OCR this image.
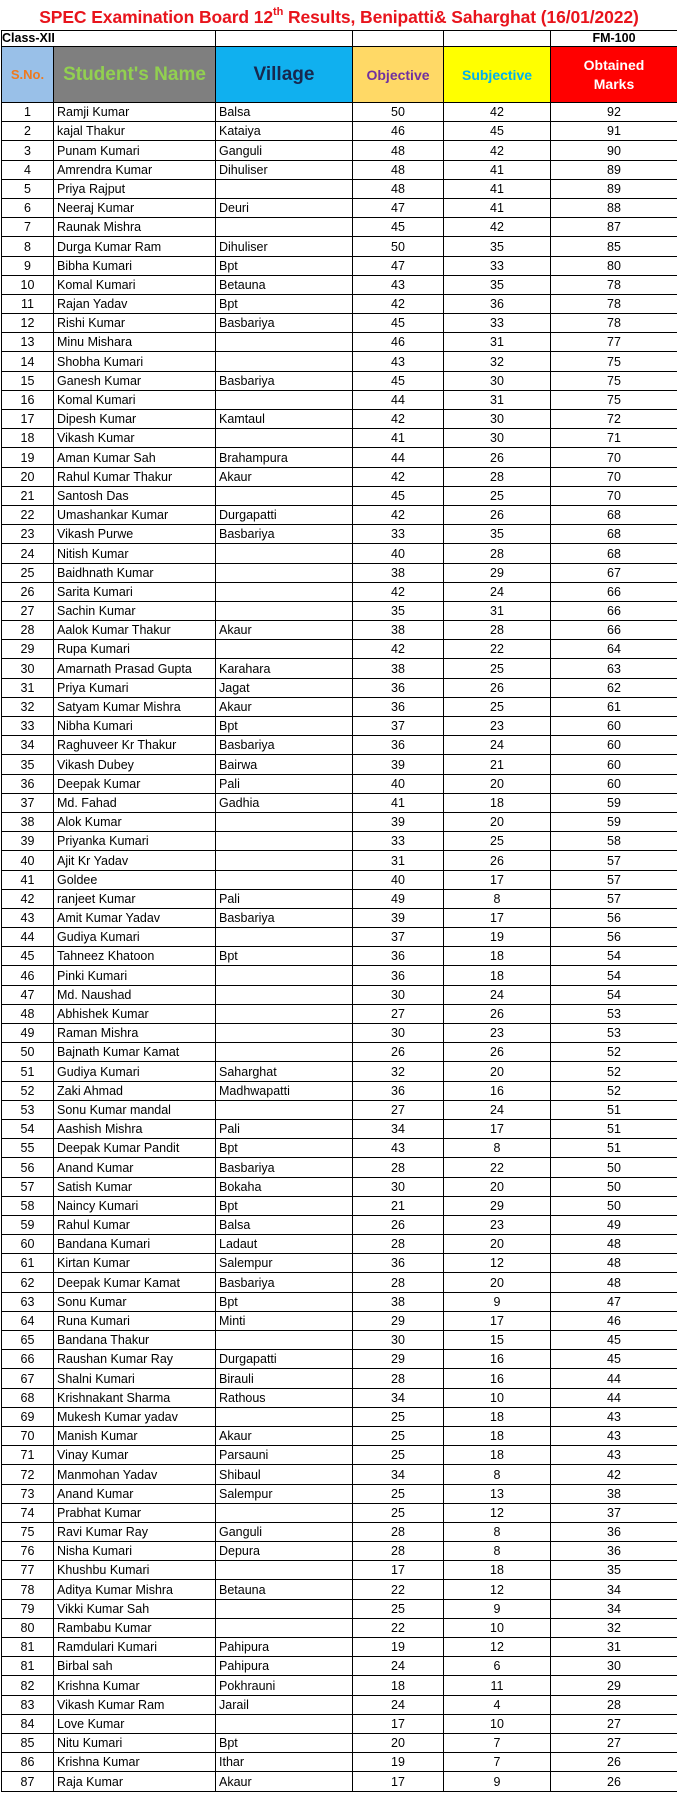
SPEC Examination Board 12th Results, Benipatti& Saharghat (16/01/2022)
Class-XII					FM-100
S.No.	Student's Name	Village	Objective	Subjective	Obtained
Marks
1	Ramji Kumar	Balsa	50	42	92
2	kajal Thakur	Kataiya	46	45	91
3	Punam Kumari	Ganguli	48	42	90
4	Amrendra Kumar	Dihuliser	48	41	89
5	Priya Rajput		48	41	89
6	Neeraj Kumar	Deuri	47	41	88
7	Raunak Mishra		45	42	87
8	Durga Kumar Ram	Dihuliser	50	35	85
9	Bibha Kumari	Bpt	47	33	80
10	Komal Kumari	Betauna	43	35	78
11	Rajan Yadav	Bpt	42	36	78
12	Rishi Kumar	Basbariya	45	33	78
13	Minu Mishara		46	31	77
14	Shobha Kumari		43	32	75
15	Ganesh Kumar	Basbariya	45	30	75
16	Komal Kumari		44	31	75
17	Dipesh Kumar	Kamtaul	42	30	72
18	Vikash Kumar		41	30	71
19	Aman Kumar Sah	Brahampura	44	26	70
20	Rahul Kumar Thakur	Akaur	42	28	70
21	Santosh Das		45	25	70
22	Umashankar Kumar	Durgapatti	42	26	68
23	Vikash Purwe	Basbariya	33	35	68
24	Nitish Kumar		40	28	68
25	Baidhnath Kumar		38	29	67
26	Sarita Kumari		42	24	66
27	Sachin Kumar		35	31	66
28	Aalok Kumar Thakur	Akaur	38	28	66
29	Rupa Kumari		42	22	64
30	Amarnath Prasad Gupta	Karahara	38	25	63
31	Priya Kumari	Jagat	36	26	62
32	Satyam Kumar Mishra	Akaur	36	25	61
33	Nibha Kumari	Bpt	37	23	60
34	Raghuveer Kr Thakur	Basbariya	36	24	60
35	Vikash Dubey	Bairwa	39	21	60
36	Deepak Kumar	Pali	40	20	60
37	Md. Fahad	Gadhia	41	18	59
38	Alok Kumar		39	20	59
39	Priyanka Kumari		33	25	58
40	Ajit Kr Yadav		31	26	57
41	Goldee		40	17	57
42	ranjeet Kumar	Pali	49	8	57
43	Amit Kumar Yadav	Basbariya	39	17	56
44	Gudiya Kumari		37	19	56
45	Tahneez Khatoon	Bpt	36	18	54
46	Pinki Kumari		36	18	54
47	Md. Naushad		30	24	54
48	Abhishek Kumar		27	26	53
49	Raman Mishra		30	23	53
50	Bajnath Kumar Kamat		26	26	52
51	Gudiya Kumari	Saharghat	32	20	52
52	Zaki Ahmad	Madhwapatti	36	16	52
53	Sonu Kumar mandal		27	24	51
54	Aashish Mishra	Pali	34	17	51
55	Deepak Kumar Pandit	Bpt	43	8	51
56	Anand Kumar	Basbariya	28	22	50
57	Satish Kumar	Bokaha	30	20	50
58	Naincy Kumari	Bpt	21	29	50
59	Rahul Kumar	Balsa	26	23	49
60	Bandana Kumari	Ladaut	28	20	48
61	Kirtan Kumar	Salempur	36	12	48
62	Deepak Kumar Kamat	Basbariya	28	20	48
63	Sonu Kumar	Bpt	38	9	47
64	Runa Kumari	Minti	29	17	46
65	Bandana Thakur		30	15	45
66	Raushan Kumar Ray	Durgapatti	29	16	45
67	Shalni Kumari	Birauli	28	16	44
68	Krishnakant Sharma	Rathous	34	10	44
69	Mukesh Kumar yadav		25	18	43
70	Manish Kumar	Akaur	25	18	43
71	Vinay Kumar	Parsauni	25	18	43
72	Manmohan Yadav	Shibaul	34	8	42
73	Anand Kumar	Salempur	25	13	38
74	Prabhat Kumar		25	12	37
75	Ravi Kumar Ray	Ganguli	28	8	36
76	Nisha Kumari	Depura	28	8	36
77	Khushbu Kumari		17	18	35
78	Aditya Kumar Mishra	Betauna	22	12	34
79	Vikki Kumar Sah		25	9	34
80	Rambabu Kumar		22	10	32
81	Ramdulari Kumari	Pahipura	19	12	31
81	Birbal sah	Pahipura	24	6	30
82	Krishna Kumar	Pokhrauni	18	11	29
83	Vikash Kumar Ram	Jarail	24	4	28
84	Love Kumar		17	10	27
85	Nitu Kumari	Bpt	20	7	27
86	Krishna Kumar	Ithar	19	7	26
87	Raja Kumar	Akaur	17	9	26
